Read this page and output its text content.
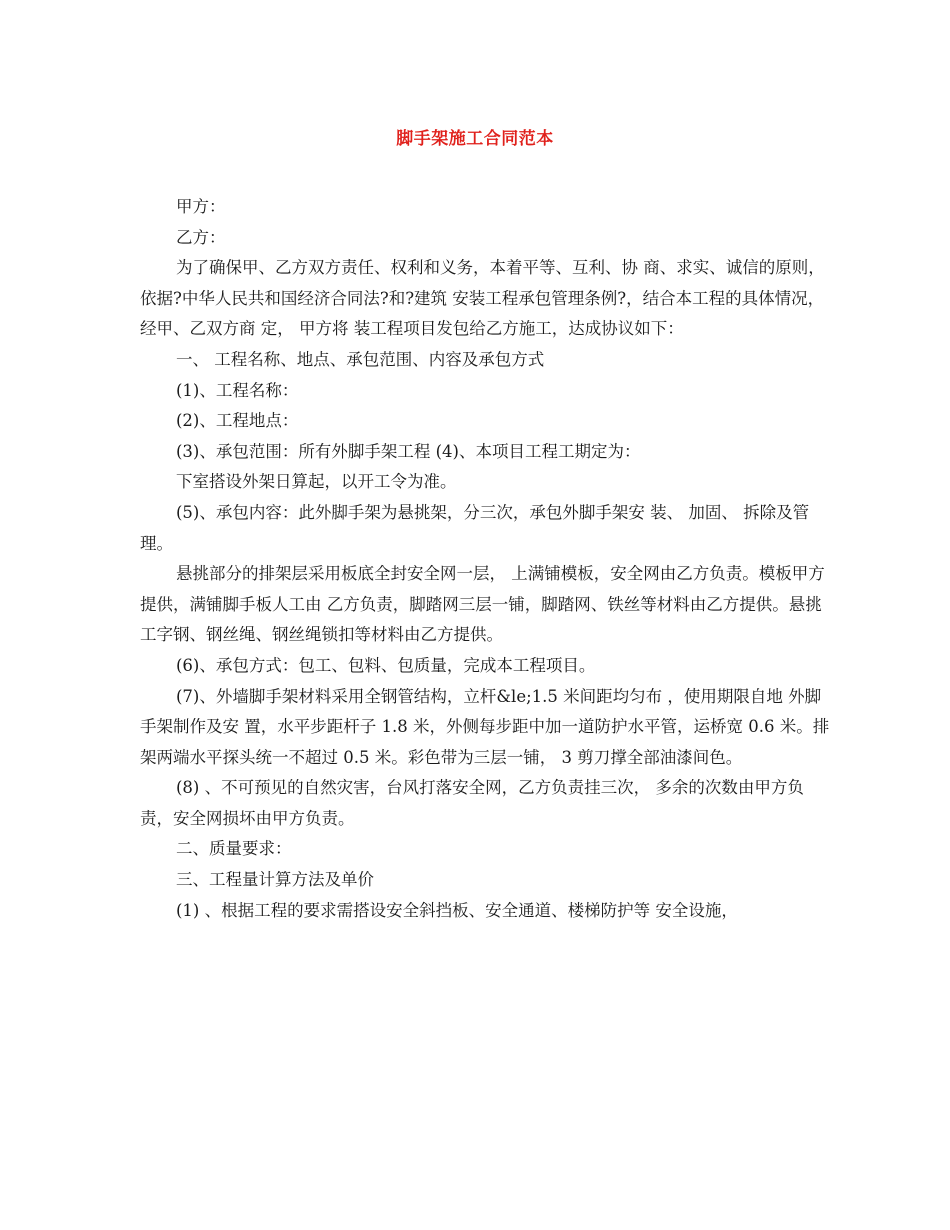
脚手架施工合同范本

甲方：

乙方：

为了确保甲、乙方双方责任、权利和义务，本着平等、互利、协 商、求实、诚信的原则，依据?中华人民共和国经济合同法?和?建筑 安装工程承包管理条例?，结合本工程的具体情况，经甲、乙双方商 定， 甲方将 装工程项目发包给乙方施工，达成协议如下：

一、 工程名称、地点、承包范围、内容及承包方式

(1)、工程名称：

(2)、工程地点：

(3)、承包范围：所有外脚手架工程 (4)、本项目工程工期定为：

下室搭设外架日算起，以开工令为准。

(5)、承包内容：此外脚手架为悬挑架，分三次，承包外脚手架安 装、 加固、 拆除及管理。

悬挑部分的排架层采用板底全封安全网一层， 上满铺模板，安全网由乙方负责。模板甲方提供，满铺脚手板人工由 乙方负责，脚踏网三层一铺，脚踏网、铁丝等材料由乙方提供。悬挑 工字钢、钢丝绳、钢丝绳锁扣等材料由乙方提供。

(6)、承包方式：包工、包料、包质量，完成本工程项目。

(7)、外墙脚手架材料采用全钢管结构，立杆&le;1.5 米间距均匀布 ，使用期限自地 外脚手架制作及安 置，水平步距杆子 1.8 米，外侧每步距中加一道防护水平管，运桥宽 0.6 米。排架两端水平探头统一不超过 0.5 米。彩色带为三层一铺， 3 剪刀撑全部油漆间色。

(8) 、不可预见的自然灾害，台风打落安全网，乙方负责挂三次， 多余的次数由甲方负责，安全网损坏由甲方负责。

二、质量要求：

三、工程量计算方法及单价

(1) 、根据工程的要求需搭设安全斜挡板、安全通道、楼梯防护等 安全设施，
